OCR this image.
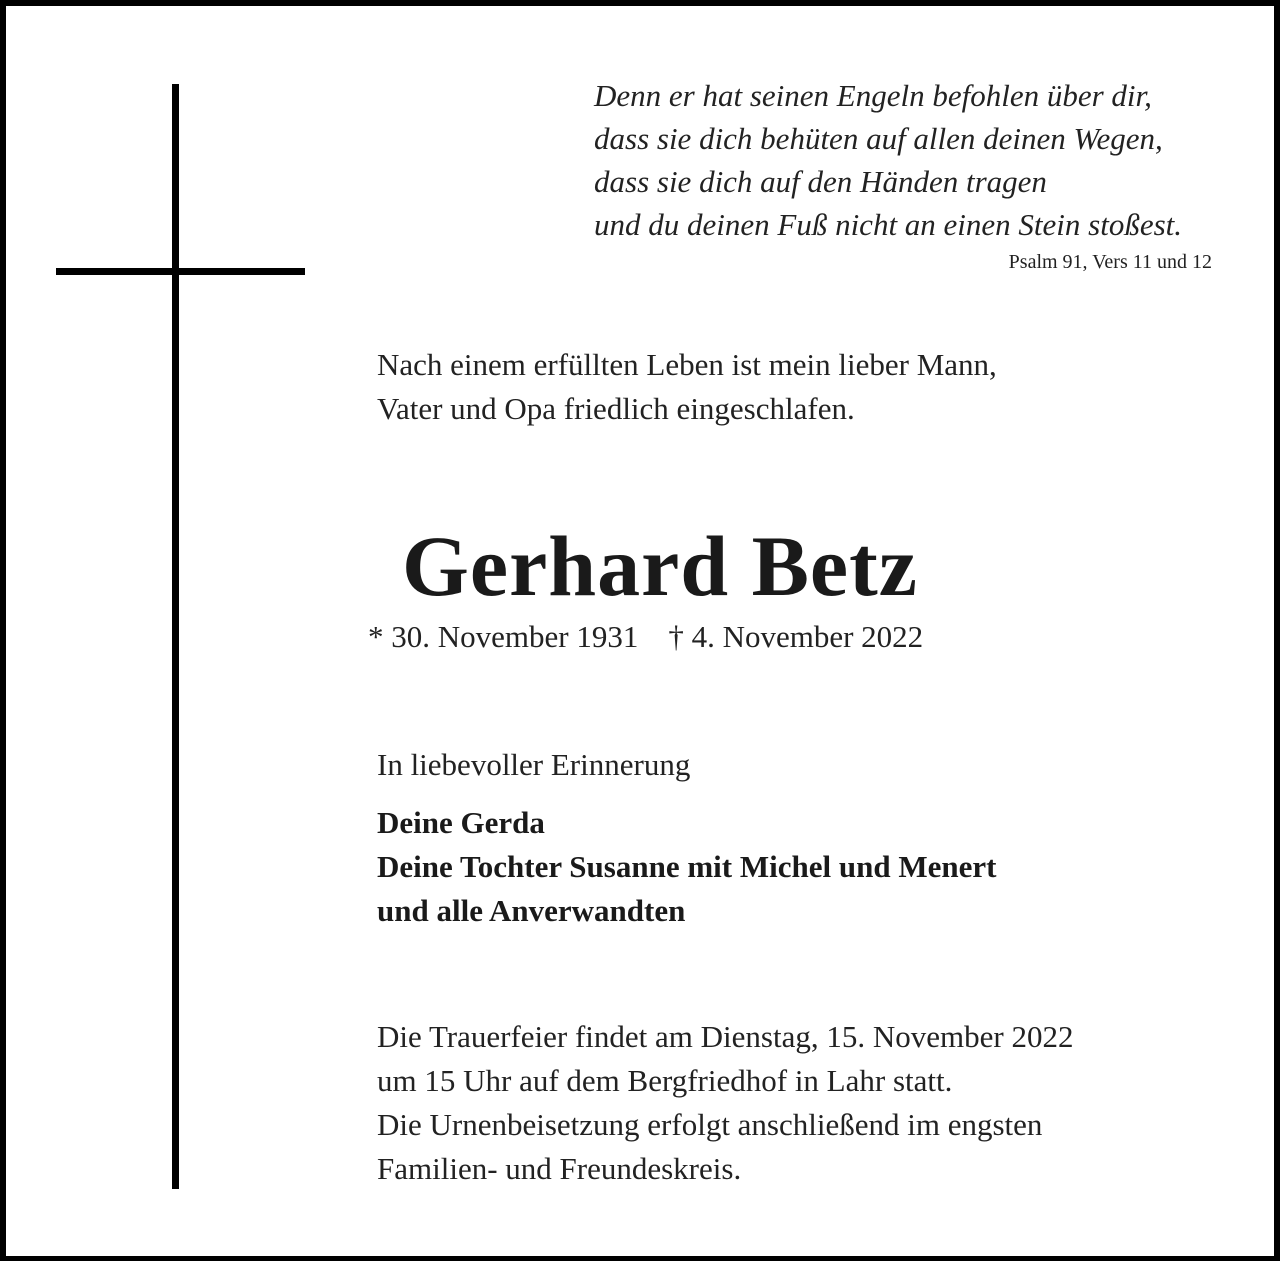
Denn er hat seinen Engeln befohlen über dir,
dass sie dich behüten auf allen deinen Wegen,
dass sie dich auf den Händen tragen
und du deinen Fuß nicht an einen Stein stoßest.
Psalm 91, Vers 11 und 12
Nach einem erfüllten Leben ist mein lieber Mann,
Vater und Opa friedlich eingeschlafen.
Gerhard Betz
* 30. November 1931 † 4. November 2022
In liebevoller Erinnerung
Deine Gerda
Deine Tochter Susanne mit Michel und Menert
und alle Anverwandten
Die Trauerfeier findet am Dienstag, 15. November 2022
um 15 Uhr auf dem Bergfriedhof in Lahr statt.
Die Urnenbeisetzung erfolgt anschließend im engsten
Familien- und Freundeskreis.
